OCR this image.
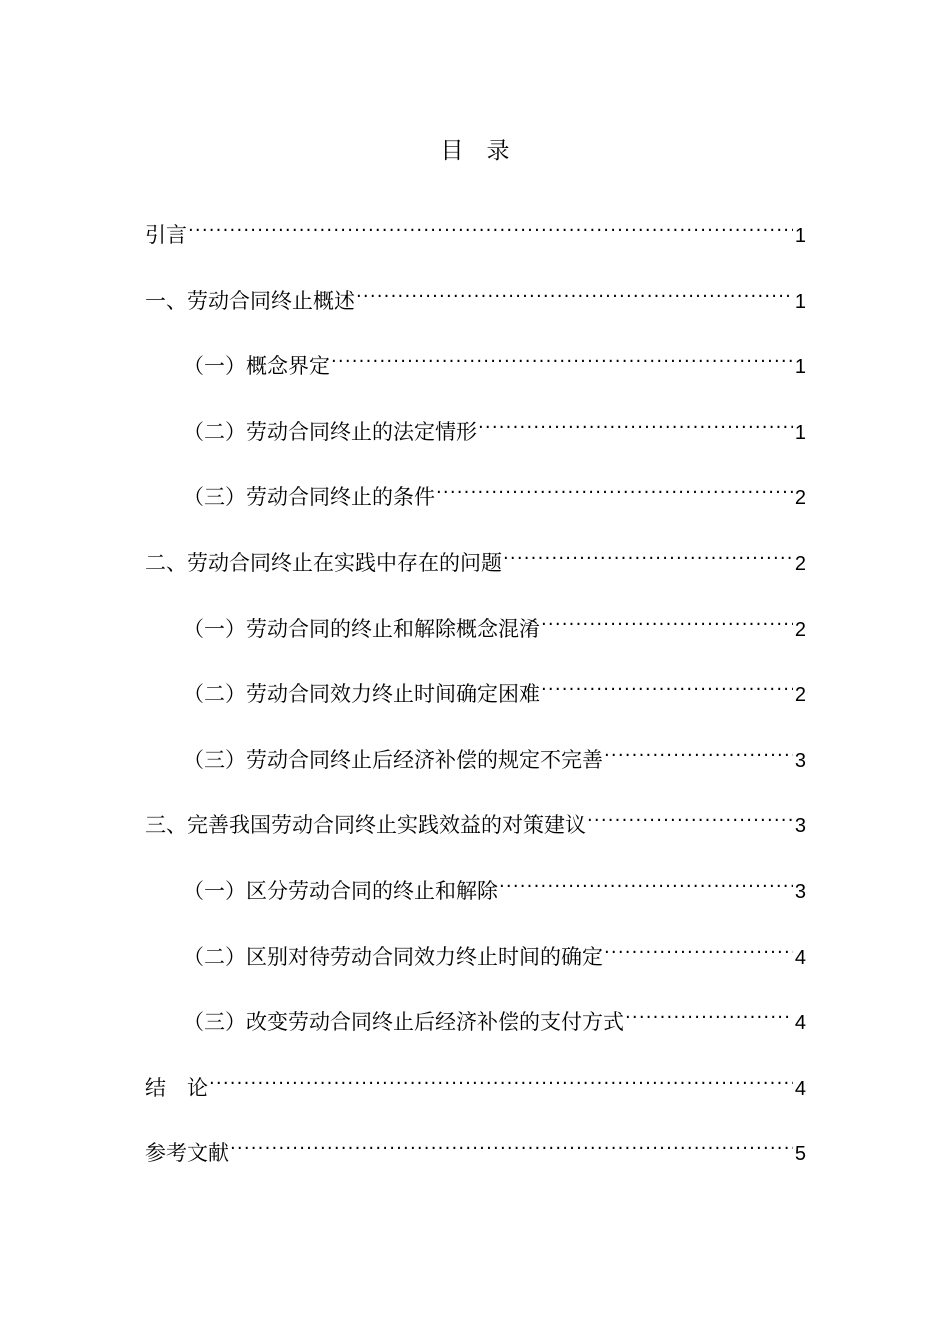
目　录
引言 .....	1
一、劳动合同终止概述 .....	1
（一）概念界定 .....	1
（二）劳动合同终止的法定情形 .....	1
（三）劳动合同终止的条件 .....	2
二、劳动合同终止在实践中存在的问题 .....	2
（一）劳动合同的终止和解除概念混淆 .....	2
（二）劳动合同效力终止时间确定困难 .....	2
（三）劳动合同终止后经济补偿的规定不完善 .....	3
三、完善我国劳动合同终止实践效益的对策建议 .....	3
（一）区分劳动合同的终止和解除 .....	3
（二）区别对待劳动合同效力终止时间的确定 .....	4
（三）改变劳动合同终止后经济补偿的支付方式 .....	4
结　论 .....	4
参考文献 .....	5
